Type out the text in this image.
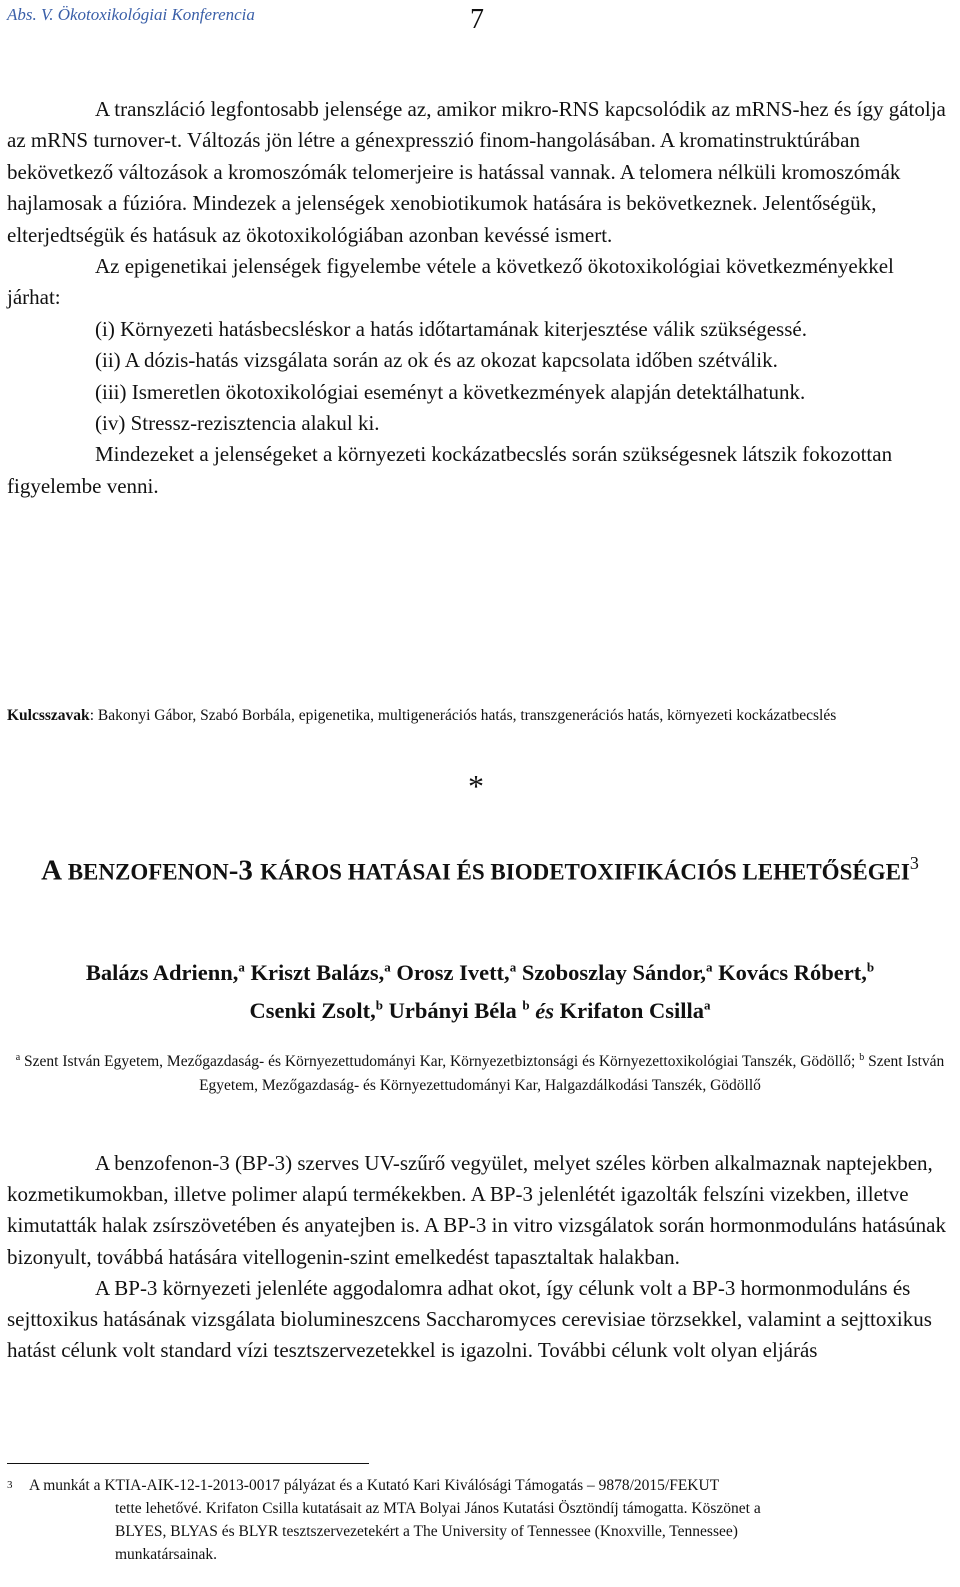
Abs. V. Ökotoxikológiai Konferencia	7

A transzláció legfontosabb jelensége az, amikor mikro-RNS kapcsolódik az mRNS-hez és így gátolja az mRNS turnover-t. Változás jön létre a génexpresszió finom-hangolásában. A kromatinstruktúrában bekövetkező változások a kromoszómák telomerjeire is hatással vannak. A telomera nélküli kromoszómák hajlamosak a fúzióra. Mindezek a jelenségek xenobiotikumok hatására is bekövetkeznek. Jelentőségük, elterjedtségük és hatásuk az ökotoxikológiában azonban kevéssé ismert.

Az epigenetikai jelenségek figyelembe vétele a következő ökotoxikológiai következményekkel járhat:

(i) Környezeti hatásbecsléskor a hatás időtartamának kiterjesztése válik szükségessé.

(ii) A dózis-hatás vizsgálata során az ok és az okozat kapcsolata időben szétválik.

(iii) Ismeretlen ökotoxikológiai eseményt a következmények alapján detektálhatunk.

(iv) Stressz-rezisztencia alakul ki.

Mindezeket a jelenségeket a környezeti kockázatbecslés során szükségesnek látszik fokozottan figyelembe venni.

Kulcsszavak: Bakonyi Gábor, Szabó Borbála, epigenetika, multigenerációs hatás, transzgenerációs hatás, környezeti kockázatbecslés
*
A BENZOFENON-3 KÁROS HATÁSAI ÉS BIODETOXIFIKÁCIÓS LEHETŐSÉGEI$^3$
Balázs Adrienn,$^a$ Kriszt Balázs,$^a$ Orosz Ivett,$^a$ Szoboszlay Sándor,$^a$ Kovács Róbert,$^b$
Csenki Zsolt,$^b$ Urbányi Béla $^b$ és Krifaton Csilla$^a$
$^a$ Szent István Egyetem, Mezőgazdaság- és Környezettudományi Kar, Környezetbiztonsági és Környezettoxikológiai Tanszék, Gödöllő; $^b$ Szent István Egyetem, Mezőgazdaság- és Környezettudományi Kar, Halgazdálkodási Tanszék, Gödöllő

A benzofenon-3 (BP-3) szerves UV-szűrő vegyület, melyet széles körben alkalmaznak naptejekben, kozmetikumokban, illetve polimer alapú termékekben. A BP-3 jelenlétét igazolták felszíni vizekben, illetve kimutatták halak zsírszövetében és anyatejben is. A BP-3 in vitro vizsgálatok során hormonmoduláns hatásúnak bizonyult, továbbá hatására vitellogenin-szint emelkedést tapasztaltak halakban.

A BP-3 környezeti jelenléte aggodalomra adhat okot, így célunk volt a BP-3 hormonmoduláns és sejttoxikus hatásának vizsgálata biolumineszcens Saccharomyces cerevisiae törzsekkel, valamint a sejttoxikus hatást célunk volt standard vízi tesztszervezetekkel is igazolni. További célunk volt olyan eljárás

3	A munkát a KTIA-AIK-12-1-2013-0017 pályázat és a Kutató Kari Kiválósági Támogatás – 9878/2015/FEKUT
tette lehetővé. Krifaton Csilla kutatásait az MTA Bolyai János Kutatási Ösztöndíj támogatta. Köszönet a
BLYES, BLYAS és BLYR tesztszervezetekért a The University of Tennessee (Knoxville, Tennessee)
munkatársainak.
